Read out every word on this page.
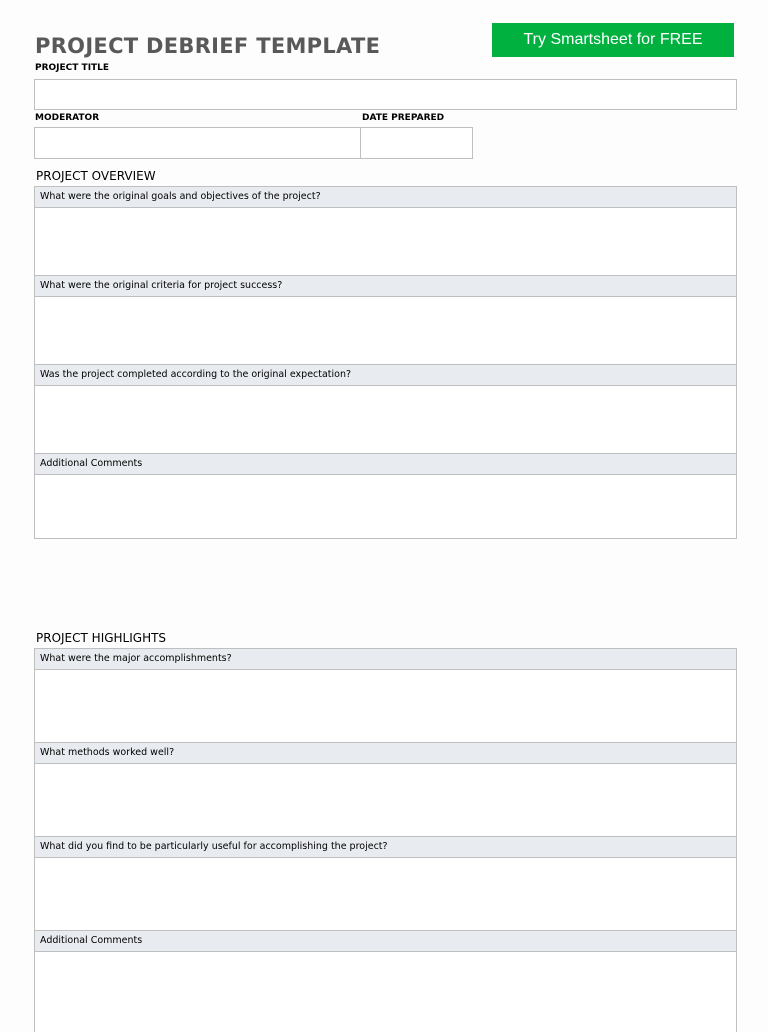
PROJECT DEBRIEF TEMPLATE	Try Smartsheet for FREE
PROJECT TITLE
MODERATOR	DATE PREPARED
PROJECT OVERVIEW
What were the original goals and objectives of the project?
What were the original criteria for project success?
Was the project completed according to the original expectation?
Additional Comments
PROJECT HIGHLIGHTS
What were the major accomplishments?
What methods worked well?
What did you find to be particularly useful for accomplishing the project?
Additional Comments
